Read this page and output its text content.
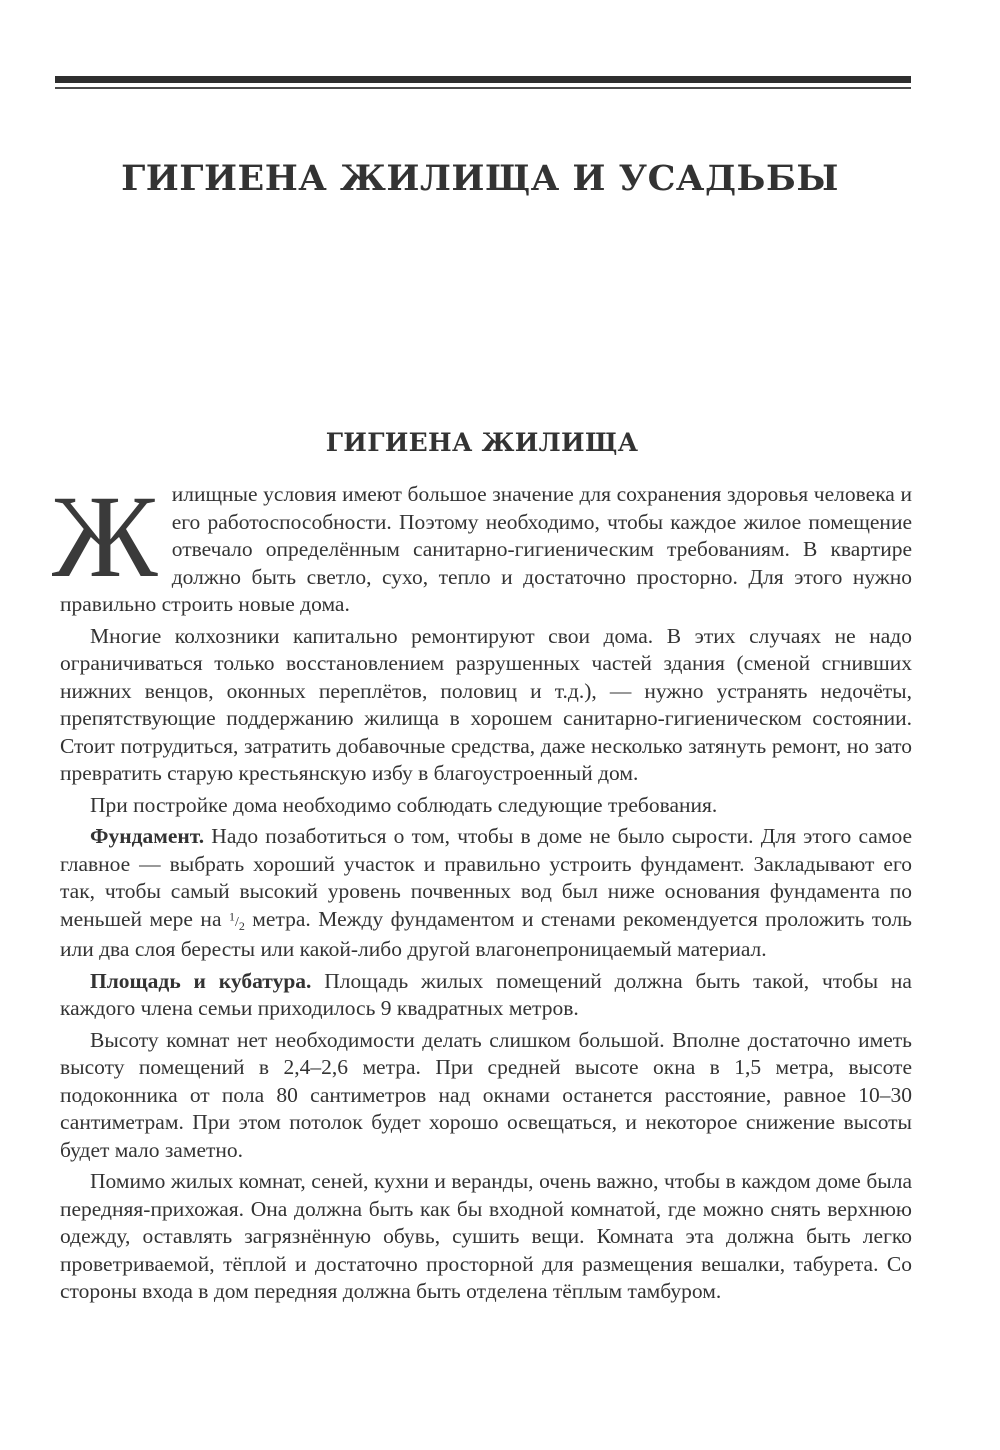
ГИГИЕНА ЖИЛИЩА И УСАДЬБЫ
ГИГИЕНА ЖИЛИЩА

Жилищные условия имеют большое значение для сохранения здоровья человека и его работоспособности. Поэтому необходимо, чтобы каждое жилое помещение отвечало определённым санитарно-гигиеническим требованиям. В квартире должно быть светло, сухо, тепло и достаточно просторно. Для этого нужно правильно строить новые дома.

Многие колхозники капитально ремонтируют свои дома. В этих случаях не надо ограничиваться только восстановлением разрушенных частей здания (сменой сгнивших нижних венцов, оконных переплётов, половиц и т.д.), — нужно устранять недочёты, препятствующие поддержанию жилища в хорошем санитарно-гигиеническом состоянии. Стоит потрудиться, затратить добавочные средства, даже несколько затянуть ремонт, но зато превратить старую крестьянскую избу в благоустроенный дом.

При постройке дома необходимо соблюдать следующие требования.

Фундамент. Надо позаботиться о том, чтобы в доме не было сырости. Для этого самое главное — выбрать хороший участок и правильно устроить фундамент. Закладывают его так, чтобы самый высокий уровень почвенных вод был ниже основания фундамента по меньшей мере на $^1/_2$ метра. Между фундаментом и стенами рекомендуется проложить толь или два слоя бересты или какой-либо другой влагонепроницаемый материал.

Площадь и кубатура. Площадь жилых помещений должна быть такой, чтобы на каждого члена семьи приходилось 9 квадратных метров.

Высоту комнат нет необходимости делать слишком большой. Вполне достаточно иметь высоту помещений в 2,4–2,6 метра. При средней высоте окна в 1,5 метра, высоте подоконника от пола 80 сантиметров над окнами останется расстояние, равное 10–30 сантиметрам. При этом потолок будет хорошо освещаться, и некоторое снижение высоты будет мало заметно.

Помимо жилых комнат, сеней, кухни и веранды, очень важно, чтобы в каждом доме была передняя-прихожая. Она должна быть как бы входной комнатой, где можно снять верхнюю одежду, оставлять загрязнённую обувь, сушить вещи. Комната эта должна быть легко проветриваемой, тёплой и достаточно просторной для размещения вешалки, табурета. Со стороны входа в дом передняя должна быть отделена тёплым тамбуром.
